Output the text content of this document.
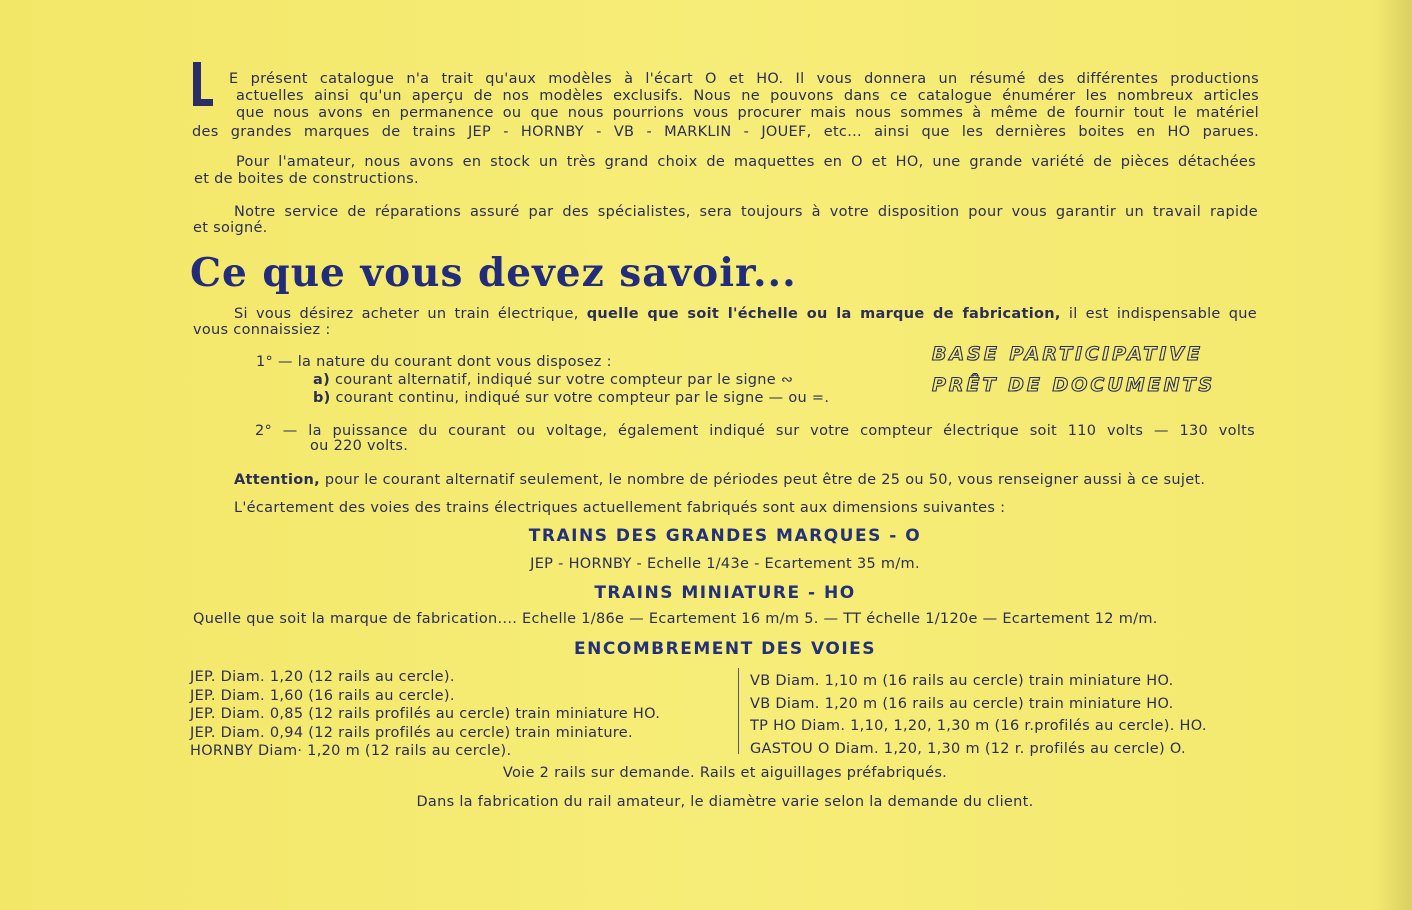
E présent catalogue n'a trait qu'aux modèles à l'écart O et HO. Il vous donnera un résumé des différentes productions
actuelles ainsi qu'un aperçu de nos modèles exclusifs. Nous ne pouvons dans ce catalogue énumérer les nombreux articles
que nous avons en permanence ou que nous pourrions vous procurer mais nous sommes à même de fournir tout le matériel
des grandes marques de trains JEP - HORNBY - VB - MARKLIN - JOUEF, etc... ainsi que les dernières boites en HO parues.
Pour l'amateur, nous avons en stock un très grand choix de maquettes en O et HO, une grande variété de pièces détachées
et de boites de constructions.
Notre service de réparations assuré par des spécialistes, sera toujours à votre disposition pour vous garantir un travail rapide
et soigné.
Ce que vous devez savoir...
Si vous désirez acheter un train électrique, quelle que soit l'échelle ou la marque de fabrication, il est indispensable que
vous connaissiez :
1° — la nature du courant dont vous disposez :
a) courant alternatif, indiqué sur votre compteur par le signe ∾
b) courant continu, indiqué sur votre compteur par le signe — ou =.
BASE PARTICIPATIVE
PRÊT DE DOCUMENTS
2° — la puissance du courant ou voltage, également indiqué sur votre compteur électrique soit 110 volts — 130 volts
ou 220 volts.
Attention, pour le courant alternatif seulement, le nombre de périodes peut être de 25 ou 50, vous renseigner aussi à ce sujet.
L'écartement des voies des trains électriques actuellement fabriqués sont aux dimensions suivantes :
TRAINS DES GRANDES MARQUES - O
JEP - HORNBY - Echelle 1/43e - Ecartement 35 m/m.
TRAINS MINIATURE - HO
Quelle que soit la marque de fabrication.... Echelle 1/86e — Ecartement 16 m/m 5. — TT échelle 1/120e — Ecartement 12 m/m.
ENCOMBREMENT DES VOIES
JEP. Diam. 1,20 (12 rails au cercle).
JEP. Diam. 1,60 (16 rails au cercle).
JEP. Diam. 0,85 (12 rails profilés au cercle) train miniature HO.
JEP. Diam. 0,94 (12 rails profilés au cercle) train miniature.
HORNBY Diam· 1,20 m (12 rails au cercle).
VB Diam. 1,10 m (16 rails au cercle) train miniature HO.
VB Diam. 1,20 m (16 rails au cercle) train miniature HO.
TP HO Diam. 1,10, 1,20, 1,30 m (16 r.profilés au cercle). HO.
GASTOU O Diam. 1,20, 1,30 m (12 r. profilés au cercle) O.
Voie 2 rails sur demande. Rails et aiguillages préfabriqués.
Dans la fabrication du rail amateur, le diamètre varie selon la demande du client.
